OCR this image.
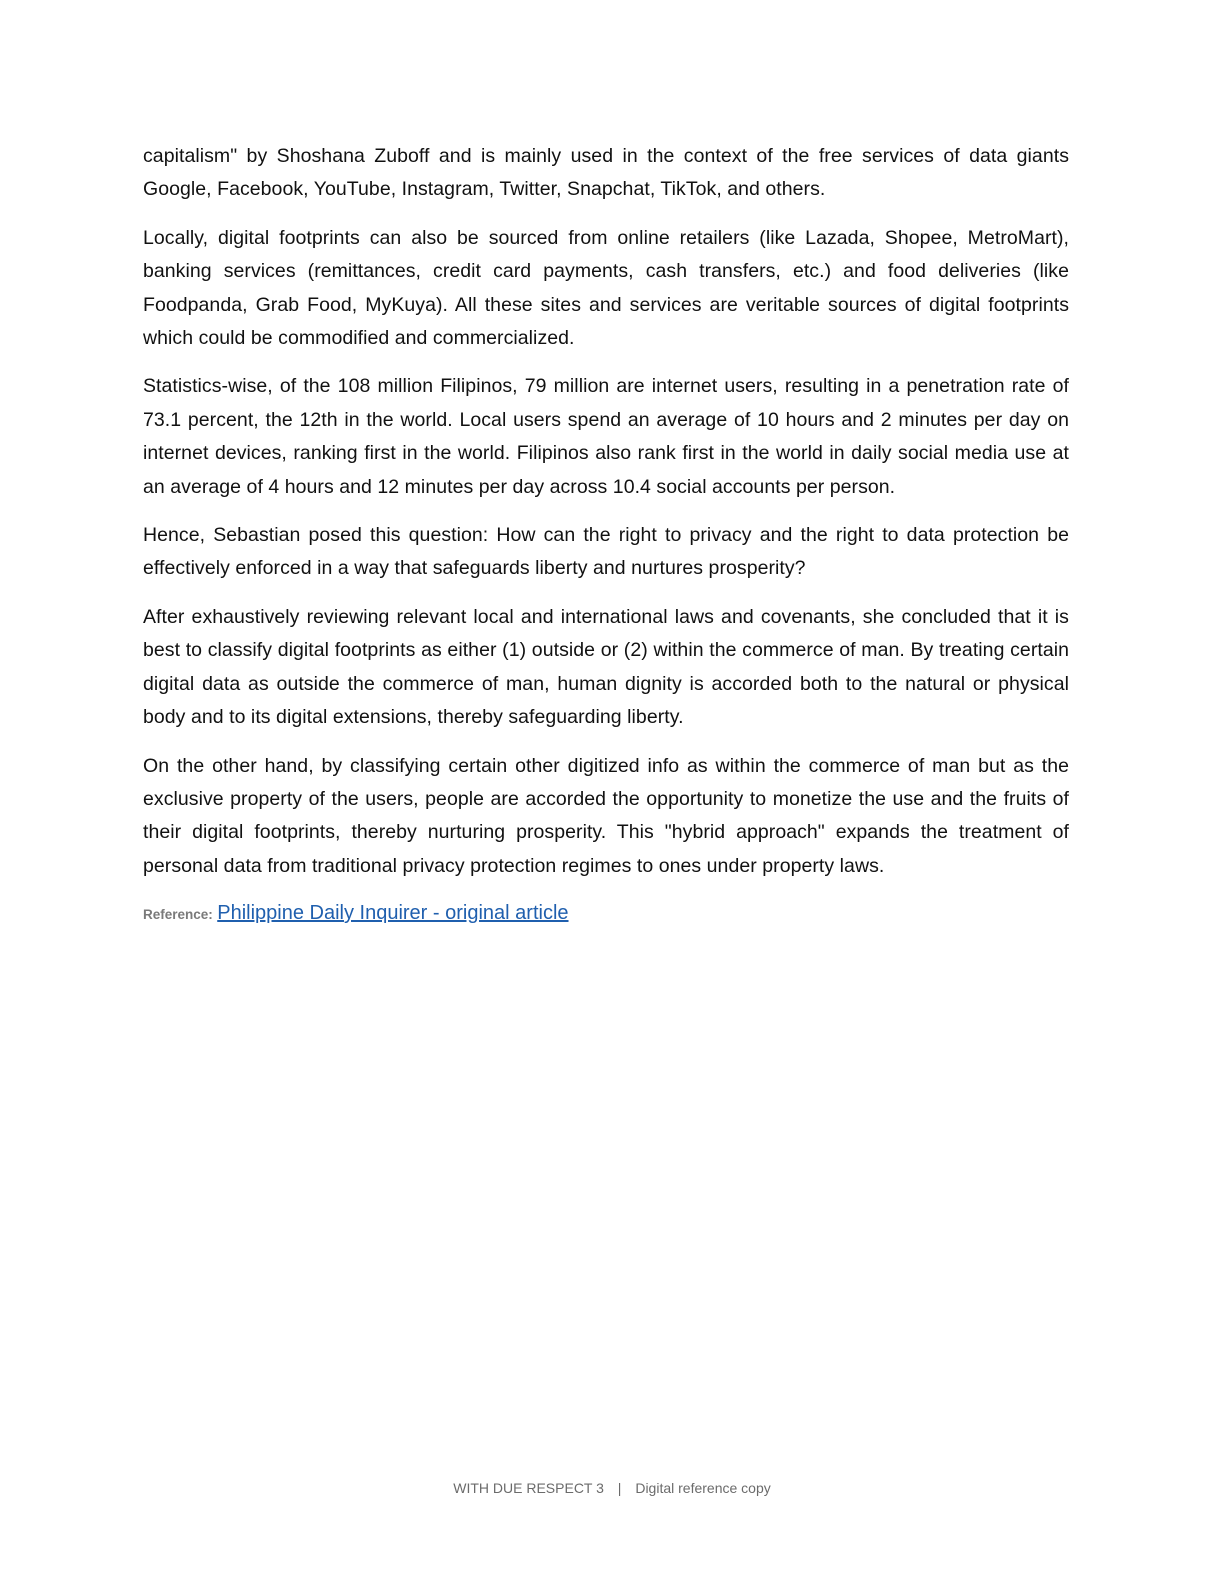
capitalism" by Shoshana Zuboff and is mainly used in the context of the free services of data giants Google, Facebook, YouTube, Instagram, Twitter, Snapchat, TikTok, and others.

Locally, digital footprints can also be sourced from online retailers (like Lazada, Shopee, MetroMart), banking services (remittances, credit card payments, cash transfers, etc.) and food deliveries (like Foodpanda, Grab Food, MyKuya). All these sites and services are veritable sources of digital footprints which could be commodified and commercialized.

Statistics-wise, of the 108 million Filipinos, 79 million are internet users, resulting in a penetration rate of 73.1 percent, the 12th in the world. Local users spend an average of 10 hours and 2 minutes per day on internet devices, ranking first in the world. Filipinos also rank first in the world in daily social media use at an average of 4 hours and 12 minutes per day across 10.4 social accounts per person.

Hence, Sebastian posed this question: How can the right to privacy and the right to data protection be effectively enforced in a way that safeguards liberty and nurtures prosperity?

After exhaustively reviewing relevant local and international laws and covenants, she concluded that it is best to classify digital footprints as either (1) outside or (2) within the commerce of man. By treating certain digital data as outside the commerce of man, human dignity is accorded both to the natural or physical body and to its digital extensions, thereby safeguarding liberty.

On the other hand, by classifying certain other digitized info as within the commerce of man but as the exclusive property of the users, people are accorded the opportunity to monetize the use and the fruits of their digital footprints, thereby nurturing prosperity. This "hybrid approach" expands the treatment of personal data from traditional privacy protection regimes to ones under property laws.

Reference: Philippine Daily Inquirer - original article
WITH DUE RESPECT 3 | Digital reference copy
